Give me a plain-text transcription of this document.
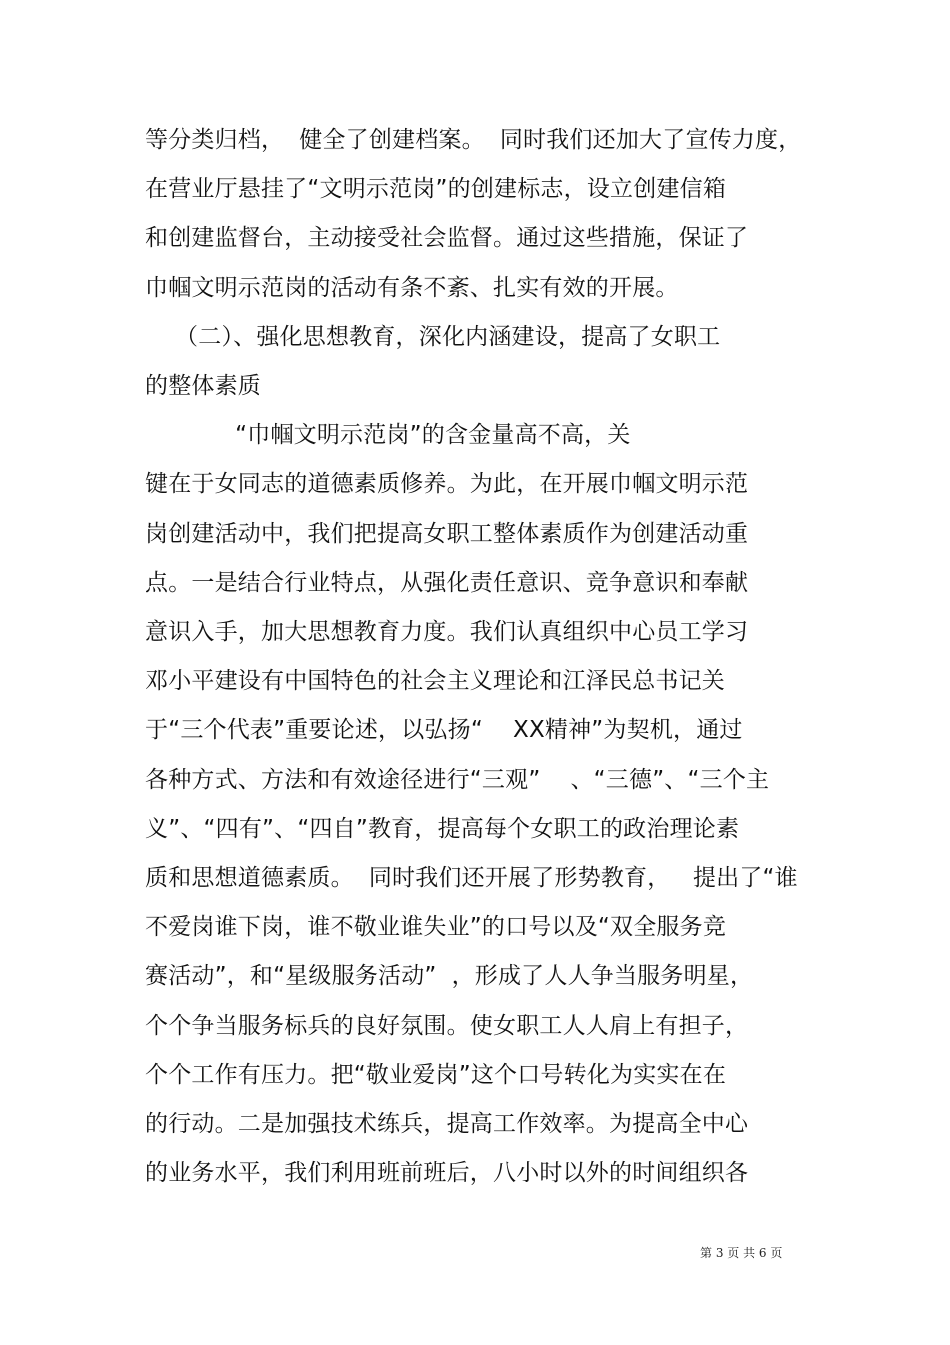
等分类归档，  健全了创建档案。  同时我们还加大了宣传力度，
在营业厅悬挂了“文明示范岗”的创建标志，设立创建信箱
和创建监督台，主动接受社会监督。通过这些措施，保证了
巾帼文明示范岗的活动有条不紊、扎实有效的开展。
（二）、强化思想教育，深化内涵建设，提高了女职工
的整体素质
“巾帼文明示范岗”的含金量高不高，关
键在于女同志的道德素质修养。为此，在开展巾帼文明示范
岗创建活动中，我们把提高女职工整体素质作为创建活动重
点。一是结合行业特点，从强化责任意识、竞争意识和奉献
意识入手，加大思想教育力度。我们认真组织中心员工学习
邓小平建设有中国特色的社会主义理论和江泽民总书记关
于“三个代表”重要论述，以弘扬“    XX精神”为契机，通过
各种方式、方法和有效途径进行“三观”    、“三德”、“三个主
义”、“四有”、“四自”教育，提高每个女职工的政治理论素
质和思想道德素质。  同时我们还开展了形势教育，   提出了“谁
不爱岗谁下岗，谁不敬业谁失业”的口号以及“双全服务竞
赛活动”，和“星级服务活动”  ，形成了人人争当服务明星，
个个争当服务标兵的良好氛围。使女职工人人肩上有担子，
个个工作有压力。把“敬业爱岗”这个口号转化为实实在在
的行动。二是加强技术练兵，提高工作效率。为提高全中心
的业务水平，我们利用班前班后，八小时以外的时间组织各
第 3 页 共 6 页
